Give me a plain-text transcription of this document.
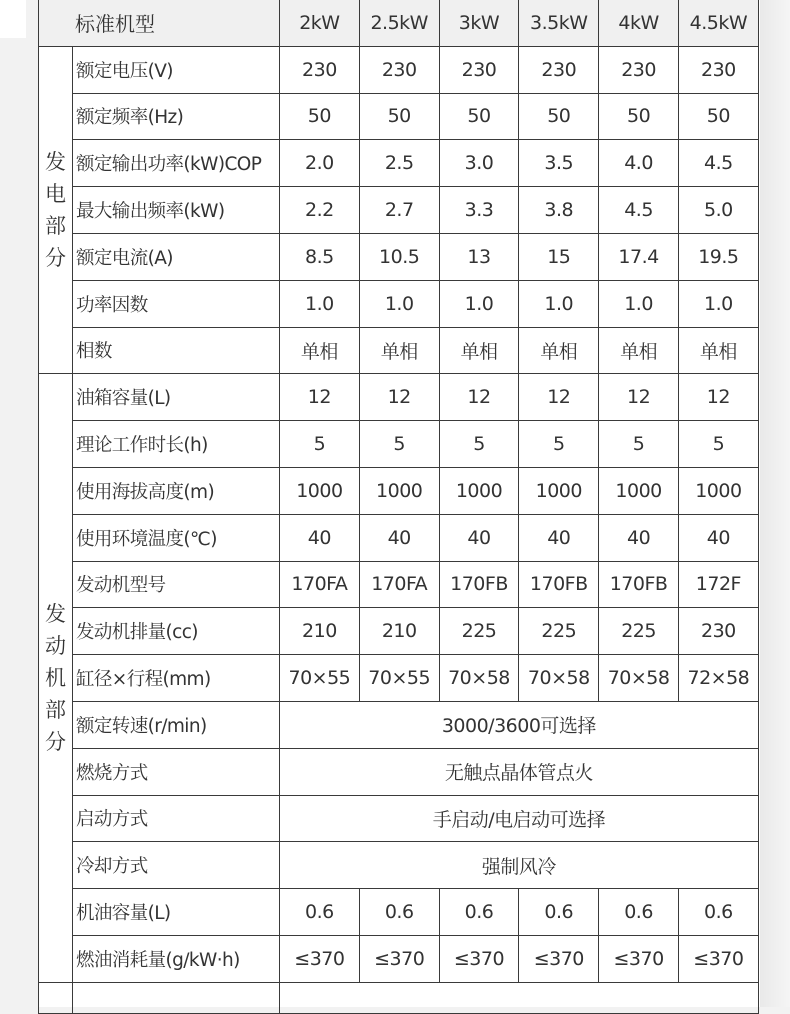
标准机型		2kW	2.5kW	3kW	3.5kW	4kW	4.5kW
发电部分	额定电压(V)	230	230	230	230	230	230
	额定频率(Hz)	50	50	50	50	50	50
	额定输出功率(kW)COP	2.0	2.5	3.0	3.5	4.0	4.5
	最大输出频率(kW)	2.2	2.7	3.3	3.8	4.5	5.0
	额定电流(A)	8.5	10.5	13	15	17.4	19.5
	功率因数	1.0	1.0	1.0	1.0	1.0	1.0
	相数	单相	单相	单相	单相	单相	单相
发动机部分	油箱容量(L)	12	12	12	12	12	12
	理论工作时长(h)	5	5	5	5	5	5
	使用海拔高度(m)	1000	1000	1000	1000	1000	1000
	使用环境温度(℃)	40	40	40	40	40	40
	发动机型号	170FA	170FA	170FB	170FB	170FB	172F
	发动机排量(cc)	210	210	225	225	225	230
	缸径×行程(mm)	70×55	70×55	70×58	70×58	70×58	72×58
	额定转速(r/min)	3000/3600可选择					
	燃烧方式	无触点晶体管点火					
	启动方式	手启动/电启动可选择					
	冷却方式	强制风冷					
	机油容量(L)	0.6	0.6	0.6	0.6	0.6	0.6
	燃油消耗量(g/kW·h)	≤370	≤370	≤370	≤370	≤370	≤370
